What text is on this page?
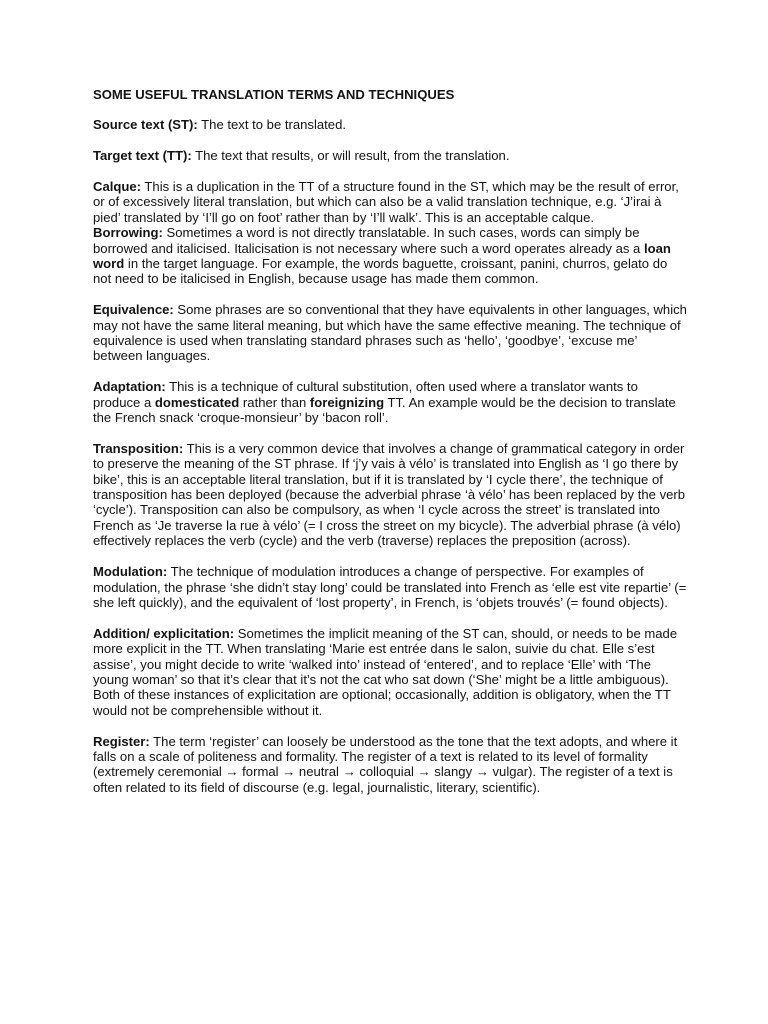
SOME USEFUL TRANSLATION TERMS AND TECHNIQUES

Source text (ST): The text to be translated.

Target text (TT): The text that results, or will result, from the translation.

Calque: This is a duplication in the TT of a structure found in the ST, which may be the result of error, or of excessively literal translation, but which can also be a valid translation technique, e.g. ‘J’irai à pied’ translated by ‘I’ll go on foot’ rather than by ‘I’ll walk’. This is an acceptable calque.

Borrowing: Sometimes a word is not directly translatable. In such cases, words can simply be borrowed and italicised. Italicisation is not necessary where such a word operates already as a loan word in the target language. For example, the words baguette, croissant, panini, churros, gelato do not need to be italicised in English, because usage has made them common.

Equivalence: Some phrases are so conventional that they have equivalents in other languages, which may not have the same literal meaning, but which have the same effective meaning. The technique of equivalence is used when translating standard phrases such as ‘hello’, ‘goodbye’, ‘excuse me’ between languages.

Adaptation: This is a technique of cultural substitution, often used where a translator wants to produce a domesticated rather than foreignizing TT. An example would be the decision to translate the French snack ‘croque-monsieur’ by ‘bacon roll’.

Transposition: This is a very common device that involves a change of grammatical category in order to preserve the meaning of the ST phrase. If ‘j’y vais à vélo’ is translated into English as ‘I go there by bike’, this is an acceptable literal translation, but if it is translated by ‘I cycle there’, the technique of transposition has been deployed (because the adverbial phrase ‘à vélo’ has been replaced by the verb ‘cycle’). Transposition can also be compulsory, as when ‘I cycle across the street’ is translated into French as ‘Je traverse la rue à vélo’ (= I cross the street on my bicycle). The adverbial phrase (à vélo) effectively replaces the verb (cycle) and the verb (traverse) replaces the preposition (across).

Modulation: The technique of modulation introduces a change of perspective. For examples of modulation, the phrase ‘she didn’t stay long’ could be translated into French as ‘elle est vite repartie’ (= she left quickly), and the equivalent of ‘lost property’, in French, is ‘objets trouvés’ (= found objects).

Addition/ explicitation: Sometimes the implicit meaning of the ST can, should, or needs to be made more explicit in the TT. When translating ‘Marie est entrée dans le salon, suivie du chat. Elle s’est assise’, you might decide to write ‘walked into’ instead of ‘entered’, and to replace ‘Elle’ with ‘The young woman’ so that it’s clear that it’s not the cat who sat down (‘She’ might be a little ambiguous). Both of these instances of explicitation are optional; occasionally, addition is obligatory, when the TT would not be comprehensible without it.

Register: The term ‘register’ can loosely be understood as the tone that the text adopts, and where it falls on a scale of politeness and formality. The register of a text is related to its level of formality (extremely ceremonial → formal → neutral → colloquial → slangy → vulgar). The register of a text is often related to its field of discourse (e.g. legal, journalistic, literary, scientific).
